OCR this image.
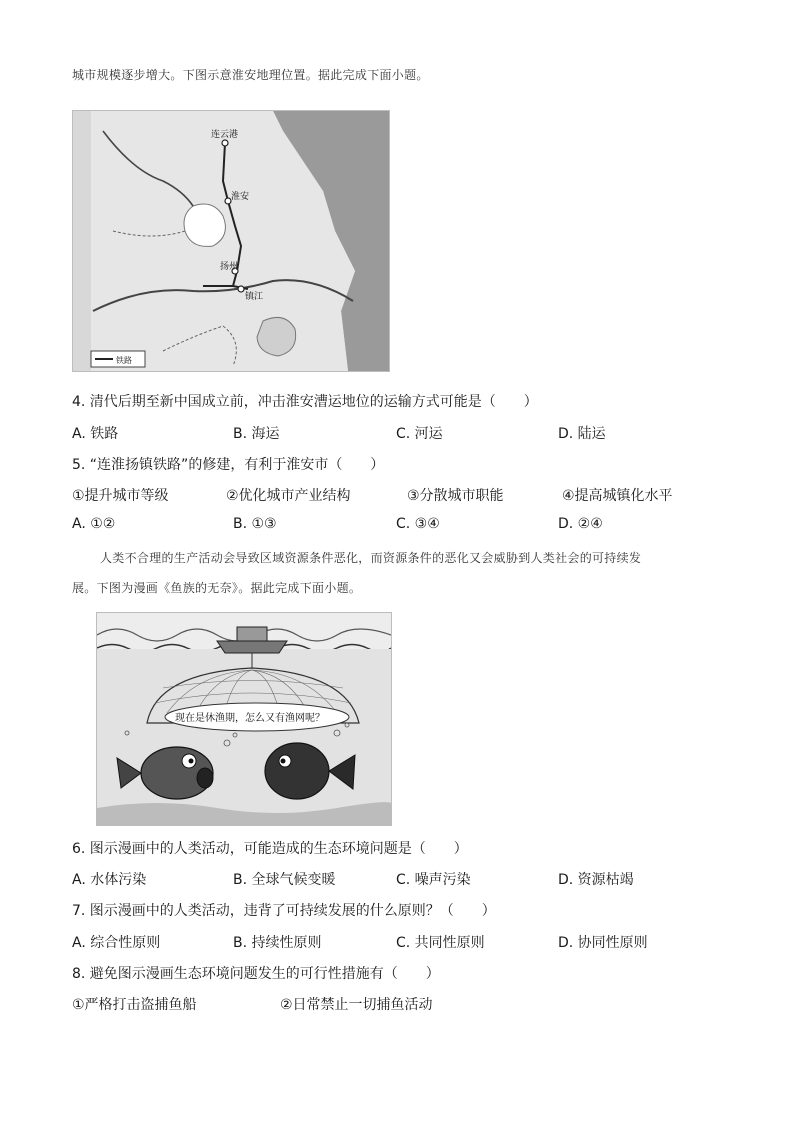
城市规模逐步增大。下图示意淮安地理位置。据此完成下面小题。
连云港
淮安
扬州
镇江
铁路
4. 清代后期至新中国成立前，冲击淮安漕运地位的运输方式可能是（　　）
A. 铁路	B. 海运	C. 河运	D. 陆运
5. “连淮扬镇铁路”的修建，有利于淮安市（　　）
①提升城市等级	②优化城市产业结构	③分散城市职能	④提高城镇化水平
A. ①②	B. ①③	C. ③④	D. ②④
人类不合理的生产活动会导致区域资源条件恶化，而资源条件的恶化又会威胁到人类社会的可持续发
展。下图为漫画《鱼族的无奈》。据此完成下面小题。
现在是休渔期，怎么又有渔网呢？
6. 图示漫画中的人类活动，可能造成的生态环境问题是（　　）
A. 水体污染	B. 全球气候变暖	C. 噪声污染	D. 资源枯竭
7. 图示漫画中的人类活动，违背了可持续发展的什么原则？（　　）
A. 综合性原则	B. 持续性原则	C. 共同性原则	D. 协同性原则
8. 避免图示漫画生态环境问题发生的可行性措施有（　　）
①严格打击盗捕鱼船	②日常禁止一切捕鱼活动
